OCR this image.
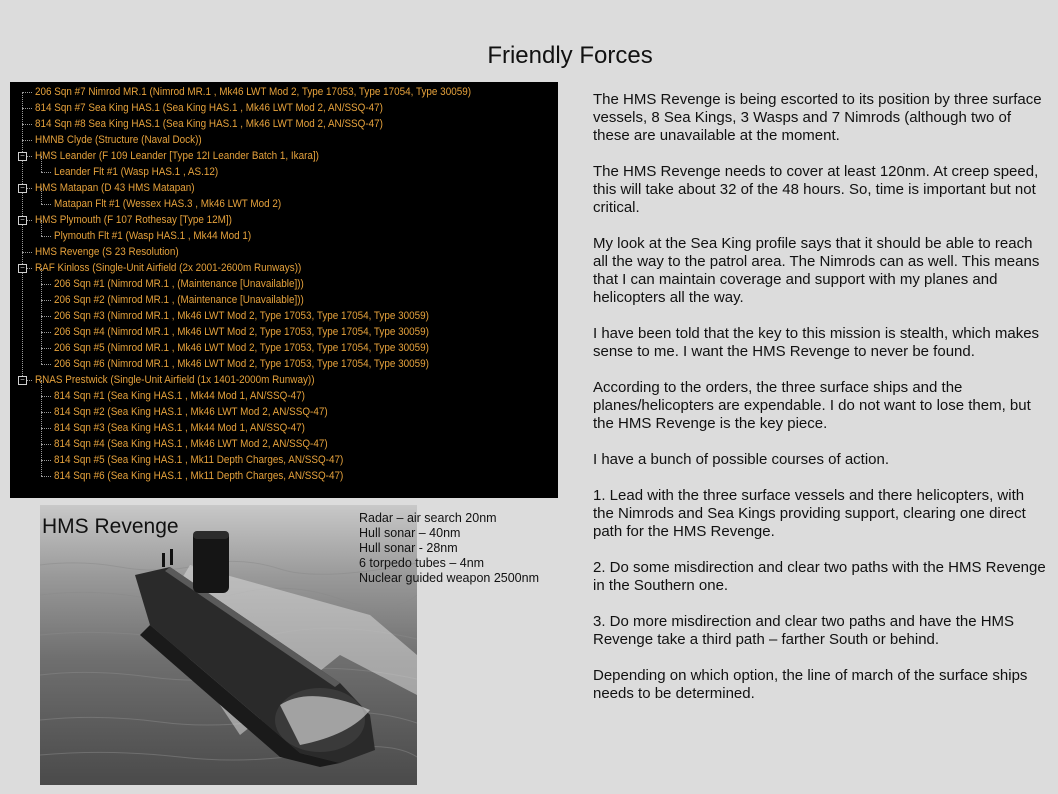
Friendly Forces
206 Sqn #7 Nimrod MR.1 (Nimrod MR.1 , Mk46 LWT Mod 2, Type 17053, Type 17054, Type 30059)
814 Sqn #7 Sea King HAS.1 (Sea King HAS.1 , Mk46 LWT Mod 2, AN/SSQ-47)
814 Sqn #8 Sea King HAS.1 (Sea King HAS.1 , Mk46 LWT Mod 2, AN/SSQ-47)
HMNB Clyde (Structure (Naval Dock))
− HMS Leander (F 109 Leander [Type 12I Leander Batch 1, Ikara])
Leander Flt #1 (Wasp HAS.1 , AS.12)
− HMS Matapan (D 43 HMS Matapan)
Matapan Flt #1 (Wessex HAS.3 , Mk46 LWT Mod 2)
− HMS Plymouth (F 107 Rothesay [Type 12M])
Plymouth Flt #1 (Wasp HAS.1 , Mk44 Mod 1)
HMS Revenge (S 23 Resolution)
− RAF Kinloss (Single-Unit Airfield (2x 2001-2600m Runways))
206 Sqn #1 (Nimrod MR.1 , (Maintenance [Unavailable]))
206 Sqn #2 (Nimrod MR.1 , (Maintenance [Unavailable]))
206 Sqn #3 (Nimrod MR.1 , Mk46 LWT Mod 2, Type 17053, Type 17054, Type 30059)
206 Sqn #4 (Nimrod MR.1 , Mk46 LWT Mod 2, Type 17053, Type 17054, Type 30059)
206 Sqn #5 (Nimrod MR.1 , Mk46 LWT Mod 2, Type 17053, Type 17054, Type 30059)
206 Sqn #6 (Nimrod MR.1 , Mk46 LWT Mod 2, Type 17053, Type 17054, Type 30059)
− RNAS Prestwick (Single-Unit Airfield (1x 1401-2000m Runway))
814 Sqn #1 (Sea King HAS.1 , Mk44 Mod 1, AN/SSQ-47)
814 Sqn #2 (Sea King HAS.1 , Mk46 LWT Mod 2, AN/SSQ-47)
814 Sqn #3 (Sea King HAS.1 , Mk44 Mod 1, AN/SSQ-47)
814 Sqn #4 (Sea King HAS.1 , Mk46 LWT Mod 2, AN/SSQ-47)
814 Sqn #5 (Sea King HAS.1 , Mk11 Depth Charges, AN/SSQ-47)
814 Sqn #6 (Sea King HAS.1 , Mk11 Depth Charges, AN/SSQ-47)
HMS Revenge	Radar – air search 20nm
Hull sonar – 40nm
Hull sonar - 28nm
6 torpedo tubes – 4nm
Nuclear guided weapon 2500nm

The HMS Revenge is being escorted to its position by three surface vessels, 8 Sea Kings, 3 Wasps and 7 Nimrods (although two of these are unavailable at the moment.

The HMS Revenge needs to cover at least 120nm. At creep speed, this will take about 32 of the 48 hours. So, time is important but not critical.

My look at the Sea King profile says that it should be able to reach all the way to the patrol area. The Nimrods can as well. This means that I can maintain coverage and support with my planes and helicopters all the way.

I have been told that the key to this mission is stealth, which makes sense to me. I want the HMS Revenge to never be found.

According to the orders, the three surface ships and the planes/helicopters are expendable. I do not want to lose them, but the HMS Revenge is the key piece.

I have a bunch of possible courses of action.

1. Lead with the three surface vessels and there helicopters, with the Nimrods and Sea Kings providing support, clearing one direct path for the HMS Revenge.

2. Do some misdirection and clear two paths with the HMS Revenge in the Southern one.

3. Do more misdirection and clear two paths and have the HMS Revenge take a third path – farther South or behind.

Depending on which option, the line of march of the surface ships needs to be determined.
